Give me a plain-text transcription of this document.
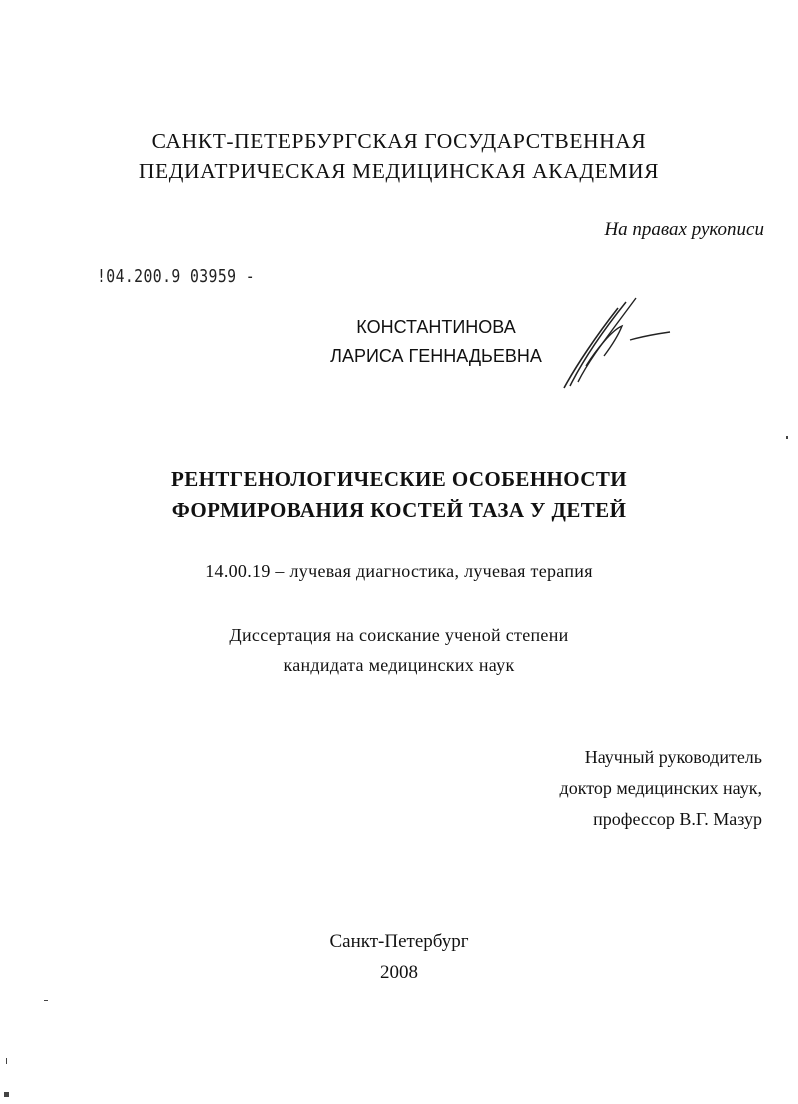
САНКТ-ПЕТЕРБУРГСКАЯ ГОСУДАРСТВЕННАЯ
ПЕДИАТРИЧЕСКАЯ МЕДИЦИНСКАЯ АКАДЕМИЯ
На правах рукописи
!04.200.9 03959 -
КОНСТАНТИНОВА
ЛАРИСА ГЕННАДЬЕВНА
РЕНТГЕНОЛОГИЧЕСКИЕ ОСОБЕННОСТИ
ФОРМИРОВАНИЯ КОСТЕЙ ТАЗА У ДЕТЕЙ
14.00.19 – лучевая диагностика, лучевая терапия
Диссертация на соискание ученой степени
кандидата медицинских наук
Научный руководитель
доктор медицинских наук,
профессор В.Г. Мазур
Санкт-Петербург
2008
